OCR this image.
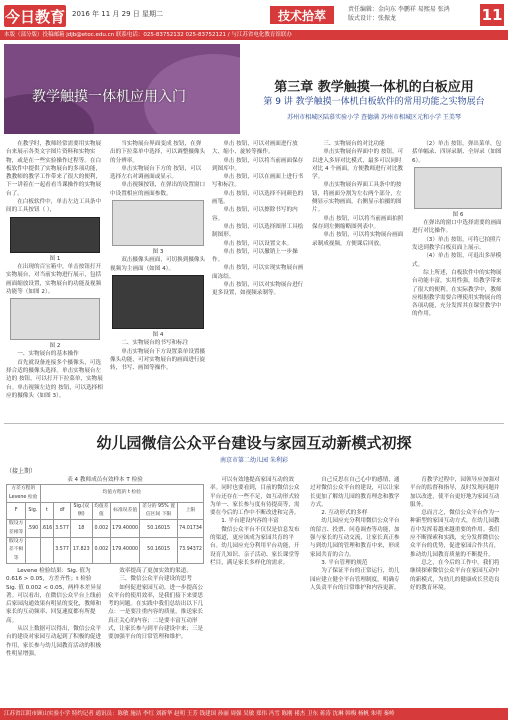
今日教育 2016 年 11 月 29 日 星期二	技术拾萃	责任编辑：金向东 李鹏祥 易熙易 张鸿
版式设计：张振龙	11
本版（部分版）投稿邮箱 jdjb@etoc.edu.cn 联系电话：025-83752132 025-83752121 / 与江苏省电化教育馆联办
教学触摸一体机应用入门
第三章 教学触摸一体机的白板应用
第 9 讲 教学触摸一体机白板软件的常用功能之实物展台
苏州市相城区陆慕实验小学 查德满 苏州市相城区元和小学 王美琴

在教学时，教师经常需要用实物展台来展示各类文字图片资料和实物实物，或是在一些实验操作过程等。在白板软件中提供了实物展台的多项功能，教教师的教学工作带来了很大的便利，下一讲着在一起看看当课操作的实物展台了。

在白板软件中，单击左边工具条中间的工具按钮（ ），

图 1

在出现的百宝箱中，单击按钮打开实物展台，对当前实物进行展示，包括画面缩放设置，实物展台的功能及视频功能等（如图 2）。

图 2

一、实物展台的基本操作

首先就设备连接多个摄像头，可选择合适的摄像头选择。单击实物展台左边的 按钮，可以打开下拉菜单，实物展台。单击视频左边的 按钮，可以选择相应的摄像头（如图 3）。

当实物展台界面变成 按钮，在弹出的下拉菜单中选择，可以调整摄像头的分辨率。

单击实物展台下方的 按钮，可以选择左右对调画面或显示。

单击视频按钮，在弹出的设置窗口中设置相应的画面参数。

图 3

双击摄像头画面，可切换到摄像头视频为主画面（如图 4）。

图 4

二、实物展台的书写和标注

单击实物展台下方设置菜单设置摄像头功能，可对实物展台的画面进行旋转，书写、画图等操作。

单击 按钮，可以对画面进行放大、缩小、旋转等操作。

单击 按钮，可以将当前画面保存到图库中。

单击 按钮，可以在画面上进行书写和标注。

单击 按钮，可以选择不同颜色的画笔。

单击 按钮，可以擦除书写的内容。

单击 按钮，可以选择图形工具绘制图形。

单击 按钮，可以设置文本。

单击 按钮，可以撤销上一步操作。

单击 按钮，可以实现实物展台画面冻结。

单击 按钮，可以对实物展台进行更多设置，如视频录制等。

三、实物展台的对比功能

单击实物展台界面中的 按钮，可以进入多屏对比模式，最多可以同时对比 4 个画面，方便教师进行对比教学。

单击实物展台界面工具条中的按钮，将画面分割为左右两个部分，左侧显示实物画面，右侧显示拍摄的图片。

单击 按钮，可以将当前画面拍照保存到左侧缩略图列表中。

单击 按钮，可以将实物展台画面录制成视频，方便课后回放。

（2）单击 按钮，弹出菜单，包括单幅录、四屏录制、全屏录（如图 6）。

图 6

在弹出的窗口中选择需要的画面进行对比操作。

（3）单击 按钮，可将已拍照片发送到教学白板页面上展示。

（4）单击 按钮，可退出多屏模式。

综上所述，白板软件中的实物展台功能丰富，实用性强，给教学带来了很大的便利。在实际教学中，教师应根据教学需要合理使用实物展台的各项功能，充分发挥其在课堂教学中的作用。

幼儿园微信公众平台建设与家园互动新模式初探
南京市第二幼儿园 朱利彩
（接上期）
表 4 教师成员有效样本 T 检验
方差方程的 Levene 检验		均值方程的 t 检验						
F	Sig.	t	df	Sig.(双侧)	均值差值	标准误差值	差分的 95% 置信区间 下限	上限
假设方差相等	.590	.616	3.577	18	0.002	179.40000	50.16015	74.01734
假设方差不相等			3.577	17.823	0.002	179.40000	50.16015	73.94372

Levene 检验结果：Sig. 值为 0.616 > 0.05，方差齐性；t 检验 Sig. 值 0.002 < 0.05，两样本差异显著。可以看出，在微信公众平台上线前后家园沟通效果有明显的变化，教师和家长的互动频率、回复速度都有所提高。

从以上数据可以得出，微信公众平台的建设对家园互动起到了积极的促进作用，家长参与幼儿园教育活动的积极性明显增强。

效率提高了更加实效的渠道。

三、微信公众平台建设的思考

如何促进家园互动，进一步提高公众平台的使用效率，是我们接下来要思考的问题。在实践中我们总结出以下几点：一是要注重内容的质量，推送家长真正关心的内容；二是要丰富互动形式，让家长参与到平台建设中来；三是要加强平台的日常管理和维护。

可以有效地提高家园互动的效率。同时也要看到，目前的微信公众平台还存在一些不足，如互动形式较为单一、家长参与度有待提高等，需要在今后的工作中不断改进和完善。

1. 平台建设内容的丰富

微信公众平台不仅仅是信息发布的渠道，更应该成为家园共育的平台。幼儿园应充分利用平台功能，开设育儿知识、亲子活动、家长课堂等栏目，满足家长多样化的需求。

自己反思在自己心中的感情，通过对微信公众平台的建设，可以让家长更加了解幼儿园的教育理念和教学方式。

2. 互动形式的多样

幼儿园应充分利用微信公众平台的留言、投票、问卷调查等功能，加强与家长的互动交流，让家长真正参与到幼儿园的管理和教育中来，形成家园共育的合力。

3. 平台管理的规范

为了保证平台的正常运行，幼儿园应建立健全平台管理制度，明确专人负责平台的日常维护和内容更新。

育教学过程中，园领导应加强对平台的监督和指导，及时发现问题并加以改进，使平台更好地为家园互动服务。

总而言之，微信公众平台作为一种新型的家园互动方式，在幼儿园教育中发挥着越来越重要的作用。我们应不断探索和实践，充分发挥微信公众平台的优势，促进家园合作共育，推动幼儿园教育质量的不断提升。

总之，在今后的工作中，我们将继续探索微信公众平台在家园互动中的新模式，为幼儿的健康成长营造良好的教育环境。

江苏省江阴市顾山实验小学 特约记者 通讯员：陈敏 施洁 李红 刘新华 赵明 王芳 钱建国 孙丽 周强 吴敏 郑伟 冯雪 陈刚 褚杰 卫东 蒋涛 沈琳 韩梅 杨帆 朱明 秦岭
